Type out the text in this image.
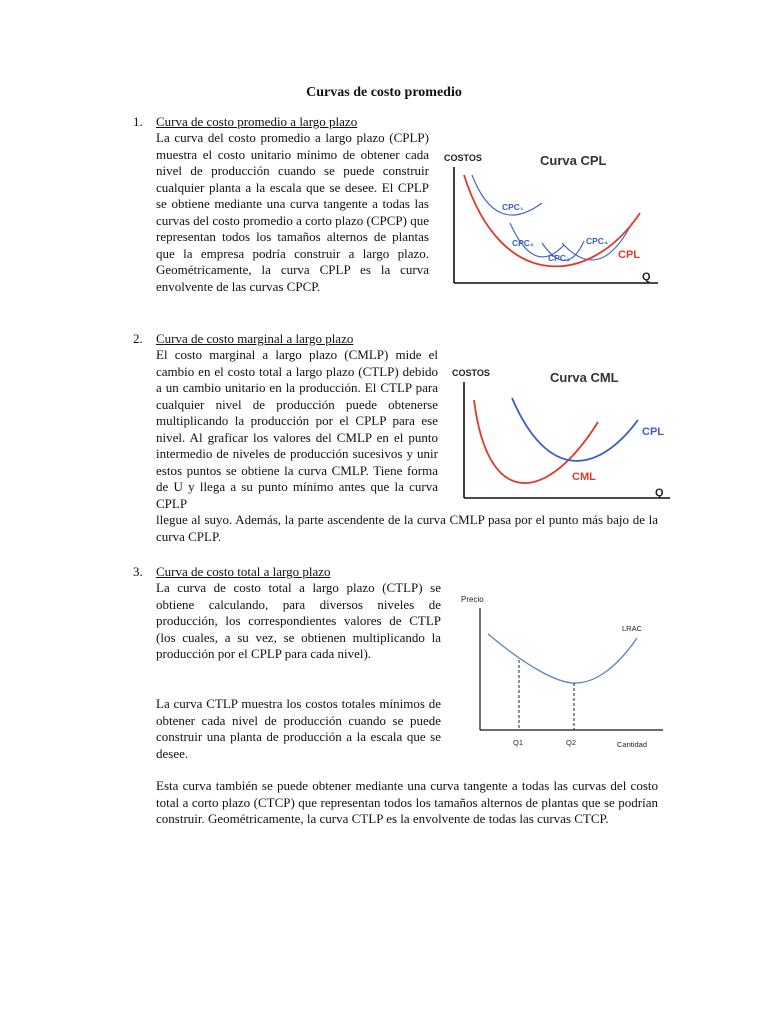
Curvas de costo promedio
1. Curva de costo promedio a largo plazo

La curva del costo promedio a largo plazo (CPLP) muestra el costo unitario mínimo de obtener cada nivel de producción cuando se puede construir cualquier planta a la escala que se desee. El CPLP se obtiene mediante una curva tangente a todas las curvas del costo promedio a corto plazo (CPCP) que representan todos los tamaños alternos de plantas que la empresa podría construir a largo plazo. Geométricamente, la curva CPLP es la curva envolvente de las curvas CPCP.

COSTOS	Curva CPL
Q
CPC₁
CPC₂
CPC₃
CPC₄
CPL
2. Curva de costo marginal a largo plazo

El costo marginal a largo plazo (CMLP) mide el cambio en el costo total a largo plazo (CTLP) debido a un cambio unitario en la producción. El CTLP para cualquier nivel de producción puede obtenerse multiplicando la producción por el CPLP para ese nivel. Al graficar los valores del CMLP en el punto intermedio de niveles de producción sucesivos y unir estos puntos se obtiene la curva CMLP. Tiene forma de U y llega a su punto mínimo antes que la curva CPLP

llegue al suyo. Además, la parte ascendente de la curva CMLP pasa por el punto más bajo de la curva CPLP.

COSTOS	Curva CML
Q
CPL
CML
3. Curva de costo total a largo plazo

La curva de costo total a largo plazo (CTLP) se obtiene calculando, para diversos niveles de producción, los correspondientes valores de CTLP (los cuales, a su vez, se obtienen multiplicando la producción por el CPLP para cada nivel).

La curva CTLP muestra los costos totales mínimos de obtener cada nivel de producción cuando se puede construir una planta de producción a la escala que se desee.

Esta curva también se puede obtener mediante una curva tangente a todas las curvas del costo total a corto plazo (CTCP) que representan todos los tamaños alternos de plantas que se podrían construir. Geométricamente, la curva CTLP es la envolvente de todas las curvas CTCP.

Precio
LRAC
Q1	Q2	Cantidad
